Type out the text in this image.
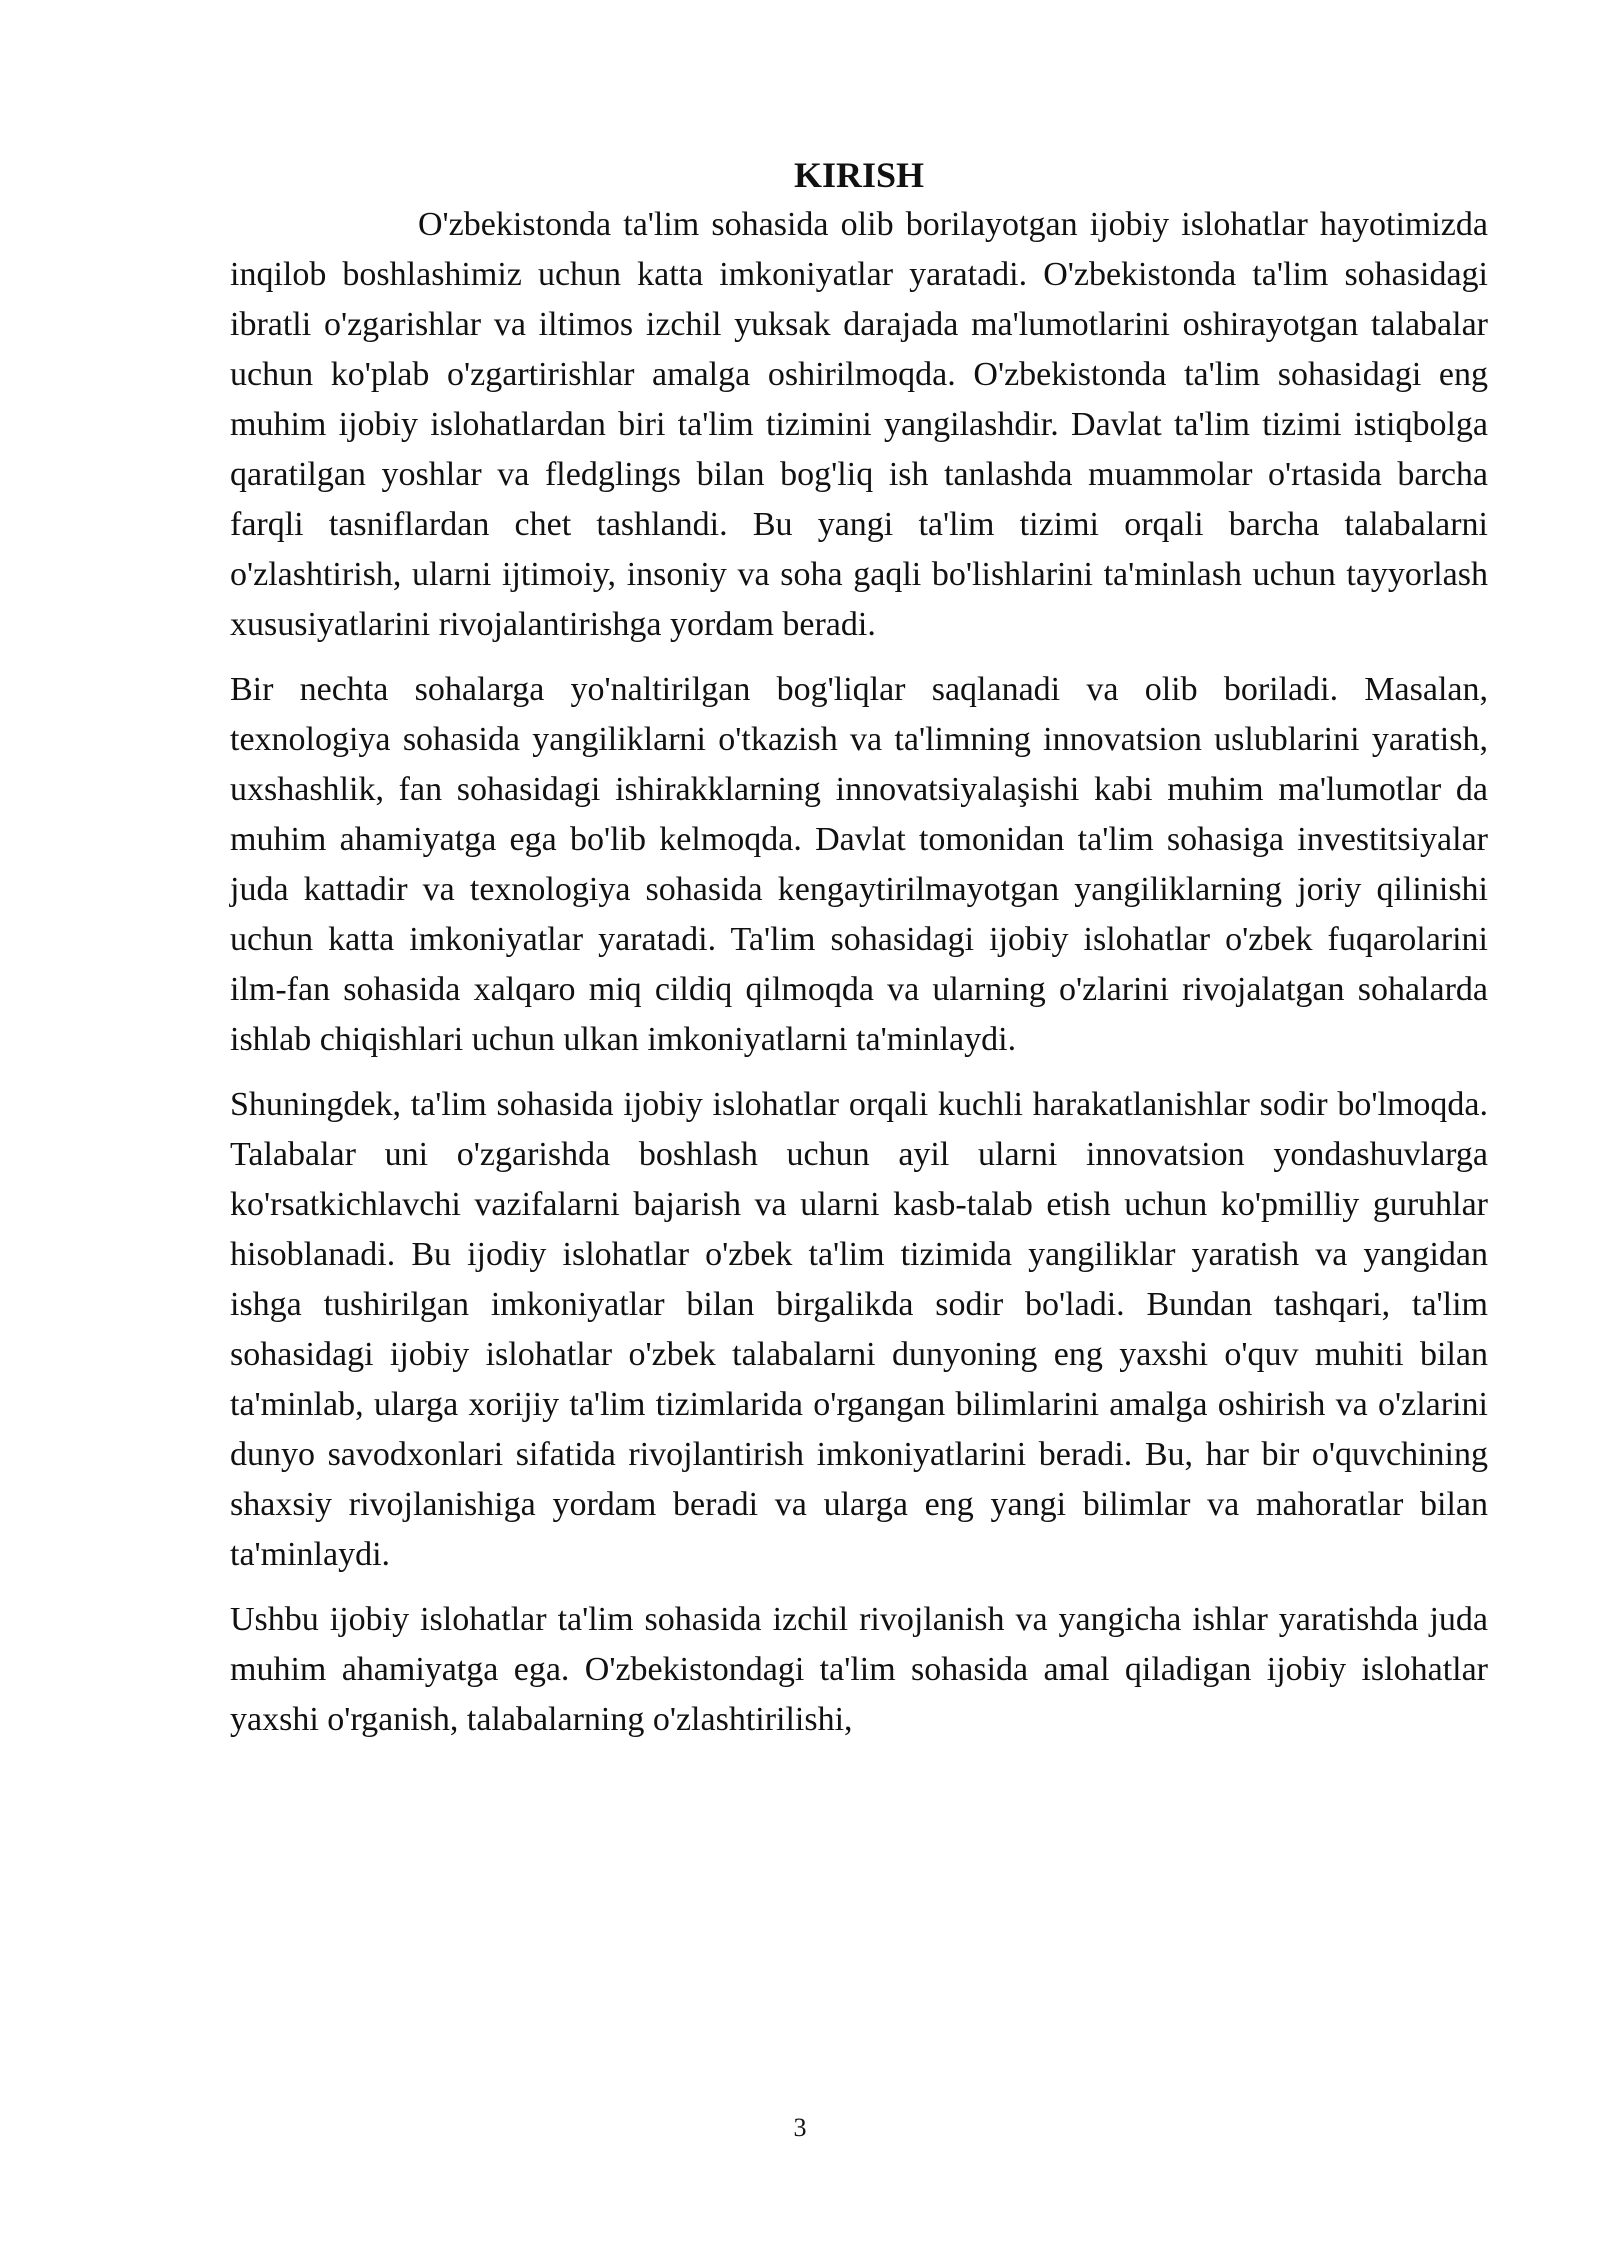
KIRISH

O'zbekistonda ta'lim sohasida olib borilayotgan ijobiy islohatlar hayotimizda inqilob boshlashimiz uchun katta imkoniyatlar yaratadi. O'zbekistonda ta'lim sohasidagi ibratli o'zgarishlar va iltimos izchil yuksak darajada ma'lumotlarini oshirayotgan talabalar uchun ko'plab o'zgartirishlar amalga oshirilmoqda. O'zbekistonda ta'lim sohasidagi eng muhim ijobiy islohatlardan biri ta'lim tizimini yangilashdir. Davlat ta'lim tizimi istiqbolga qaratilgan yoshlar va fledglings bilan bog'liq ish tanlashda muammolar o'rtasida barcha farqli tasniflardan chet tashlandi. Bu yangi ta'lim tizimi orqali barcha talabalarni o'zlashtirish, ularni ijtimoiy, insoniy va soha gaqli bo'lishlarini ta'minlash uchun tayyorlash xususiyatlarini rivojalantirishga yordam beradi.

Bir nechta sohalarga yo'naltirilgan bog'liqlar saqlanadi va olib boriladi. Masalan, texnologiya sohasida yangiliklarni o'tkazish va ta'limning innovatsion uslublarini yaratish, uxshashlik, fan sohasidagi ishirakklarning innovatsiyalaşishi kabi muhim ma'lumotlar da muhim ahamiyatga ega bo'lib kelmoqda. Davlat tomonidan ta'lim sohasiga investitsiyalar juda kattadir va texnologiya sohasida kengaytirilmayotgan yangiliklarning joriy qilinishi uchun katta imkoniyatlar yaratadi. Ta'lim sohasidagi ijobiy islohatlar o'zbek fuqarolarini ilm-fan sohasida xalqaro miq cildiq qilmoqda va ularning o'zlarini rivojalatgan sohalarda ishlab chiqishlari uchun ulkan imkoniyatlarni ta'minlaydi.

Shuningdek, ta'lim sohasida ijobiy islohatlar orqali kuchli harakatlanishlar sodir bo'lmoqda. Talabalar uni o'zgarishda boshlash uchun ayil ularni innovatsion yondashuvlarga ko'rsatkichlavchi vazifalarni bajarish va ularni kasb-talab etish uchun ko'pmilliy guruhlar hisoblanadi. Bu ijodiy islohatlar o'zbek ta'lim tizimida yangiliklar yaratish va yangidan ishga tushirilgan imkoniyatlar bilan birgalikda sodir bo'ladi. Bundan tashqari, ta'lim sohasidagi ijobiy islohatlar o'zbek talabalarni dunyoning eng yaxshi o'quv muhiti bilan ta'minlab, ularga xorijiy ta'lim tizimlarida o'rgangan bilimlarini amalga oshirish va o'zlarini dunyo savodxonlari sifatida rivojlantirish imkoniyatlarini beradi. Bu, har bir o'quvchining shaxsiy rivojlanishiga yordam beradi va ularga eng yangi bilimlar va mahoratlar bilan ta'minlaydi.

Ushbu ijobiy islohatlar ta'lim sohasida izchil rivojlanish va yangicha ishlar yaratishda juda muhim ahamiyatga ega. O'zbekistondagi ta'lim sohasida amal qiladigan ijobiy islohatlar yaxshi o'rganish, talabalarning o'zlashtirilishi,

3
